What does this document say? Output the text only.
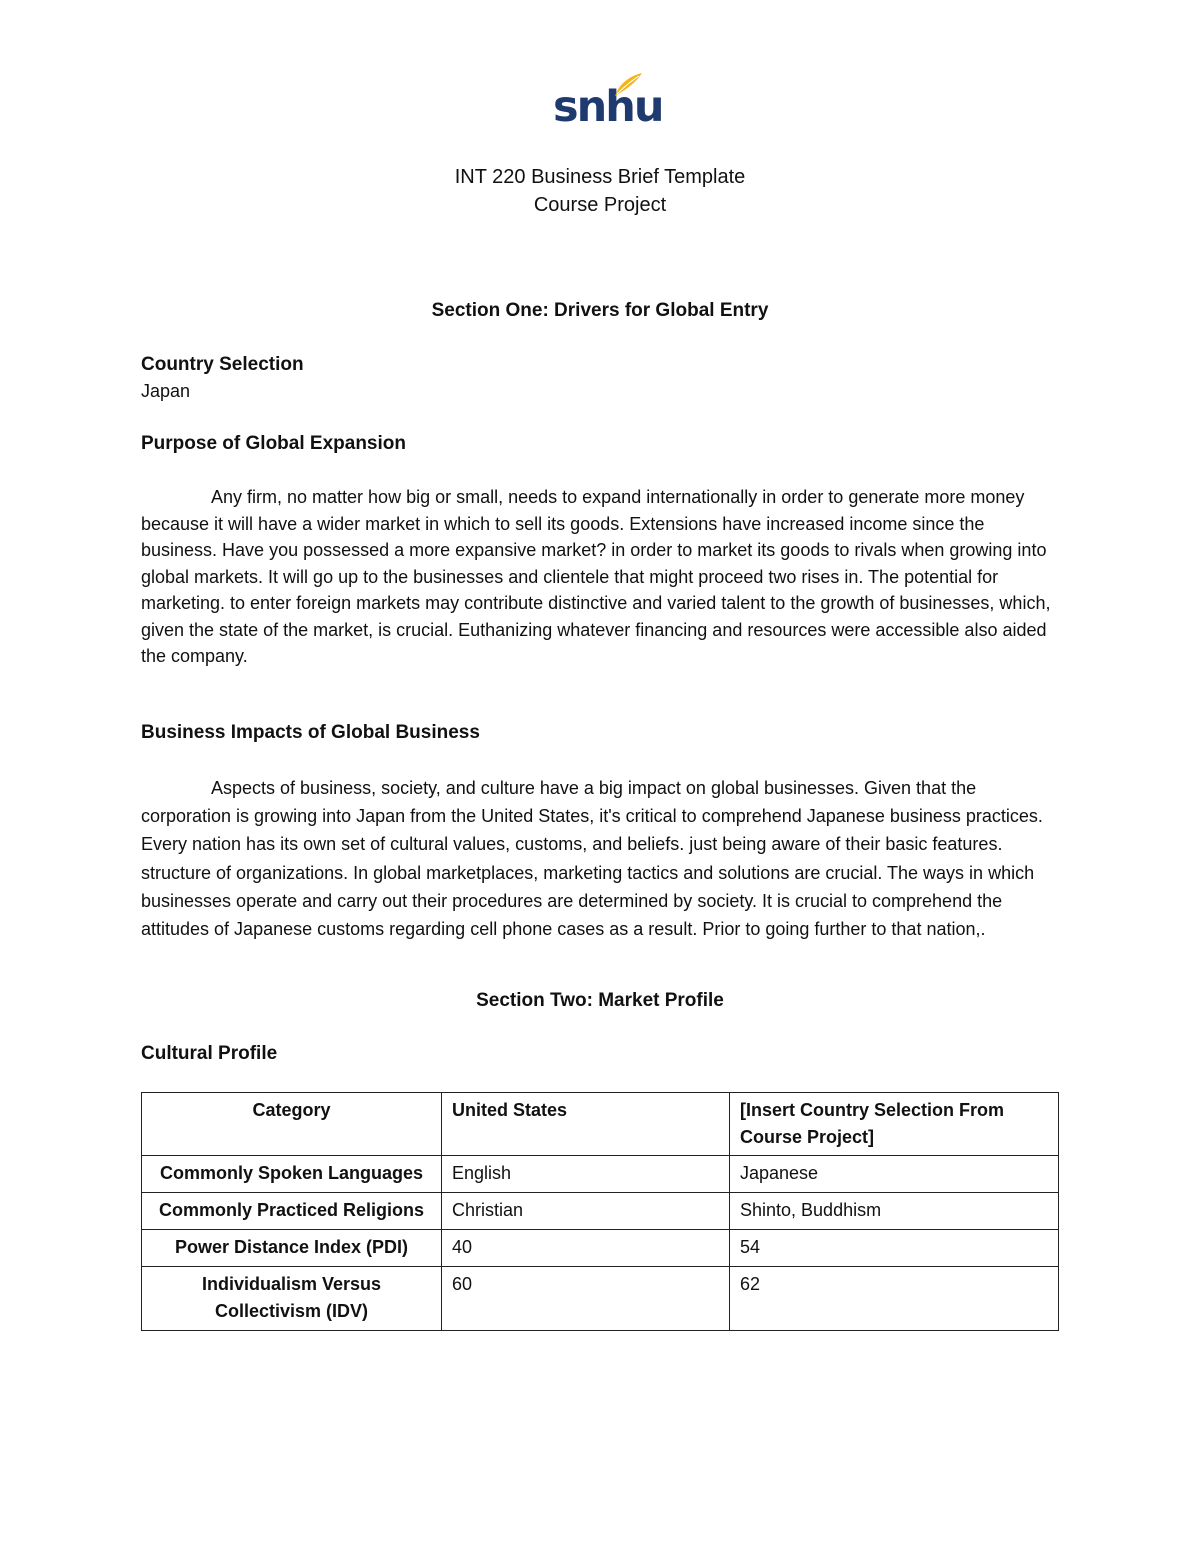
snhu
INT 220 Business Brief Template
Course Project
Section One: Drivers for Global Entry
Country Selection
Japan
Purpose of Global Expansion
Any firm, no matter how big or small, needs to expand internationally in order to generate more money because it will have a wider market in which to sell its goods. Extensions have increased income since the business. Have you possessed a more expansive market? in order to market its goods to rivals when growing into global markets. It will go up to the businesses and clientele that might proceed two rises in. The potential for marketing. to enter foreign markets may contribute distinctive and varied talent to the growth of businesses, which, given the state of the market, is crucial. Euthanizing whatever financing and resources were accessible also aided the company.
Business Impacts of Global Business
Aspects of business, society, and culture have a big impact on global businesses. Given that the corporation is growing into Japan from the United States, it's critical to comprehend Japanese business practices. Every nation has its own set of cultural values, customs, and beliefs. just being aware of their basic features. structure of organizations. In global marketplaces, marketing tactics and solutions are crucial. The ways in which businesses operate and carry out their procedures are determined by society. It is crucial to comprehend the attitudes of Japanese customs regarding cell phone cases as a result. Prior to going further to that nation,.
Section Two: Market Profile
Cultural Profile
Category	United States	[Insert Country Selection From Course Project]
Commonly Spoken Languages	English	Japanese
Commonly Practiced Religions	Christian	Shinto, Buddhism
Power Distance Index (PDI)	40	54
Individualism Versus Collectivism (IDV)	60	62
